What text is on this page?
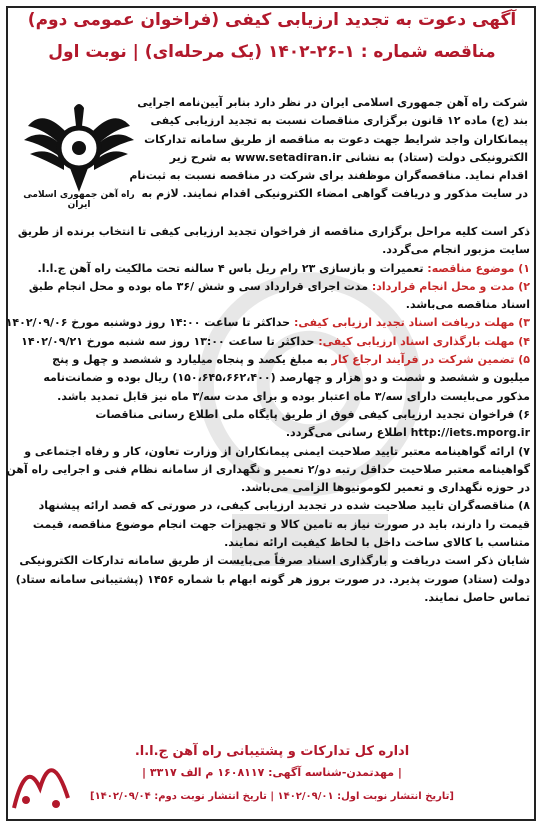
آگهی دعوت به تجدید ارزیابی کیفی (فراخوان عمومی دوم)
مناقصه شماره : ۱-۲۶-۱۴۰۲ (یک مرحله‌ای) | نوبت اول
راه آهن جمهوری اسلامی ایران
شرکت راه آهن جمهوری اسلامی ایران در نظر دارد بنابر آیین‌نامه اجرایی
بند (ج) ماده ۱۲ قانون برگزاری مناقصات نسبت به تجدید ارزیابی کیفی
پیمانکاران واجد شرایط جهت دعوت به مناقصه از طریق سامانه تدارکات
الکترونیکی دولت (ستاد) به نشانی www.setadiran.ir به شرح زیر
اقدام نماید. مناقصه‌گران موظفند برای شرکت در مناقصه نسبت به ثبت‌نام
در سایت مذکور و دریافت گواهی امضاء الکترونیکی اقدام نمایند. لازم به
ذکر است کلیه مراحل برگزاری مناقصه از فراخوان تجدید ارزیابی کیفی تا انتخاب برنده از طریق
سایت مزبور انجام می‌گردد.
۱) موضوع مناقصه: تعمیرات و بازسازی ۲۳ رام ریل باس ۴ سالنه تحت مالکیت راه آهن ج.ا.ا.
۲) مدت و محل انجام قرارداد: مدت اجرای قرارداد سی و شش /۳۶ ماه بوده و محل انجام طبق
اسناد مناقصه می‌باشد.
۳) مهلت دریافت اسناد تجدید ارزیابی کیفی: حداکثر تا ساعت ۱۴:۰۰ روز دوشنبه مورخ ۱۴۰۲/۰۹/۰۶
۴) مهلت بارگذاری اسناد ارزیابی کیفی: حداکثر تا ساعت ۱۳:۰۰ روز سه شنبه مورخ ۱۴۰۲/۰۹/۲۱
۵) تضمین شرکت در فرآیند ارجاع کار به مبلغ یکصد و پنجاه میلیارد و ششصد و چهل و پنج
میلیون و ششصد و شصت و دو هزار و چهارصد (۱۵۰،۶۴۵،۶۶۲،۴۰۰) ریال بوده و ضمانت‌نامه
مذکور می‌بایست دارای سه/۳ ماه اعتبار بوده و برای مدت سه/۳ ماه نیز قابل تمدید باشد.
۶) فراخوان تجدید ارزیابی کیفی فوق از طریق پایگاه ملی اطلاع رسانی مناقصات
http://iets.mporg.ir اطلاع رسانی می‌گردد.
۷) ارائه گواهینامه معتبر تایید صلاحیت ایمنی پیمانکاران از وزارت تعاون، کار و رفاه اجتماعی و
گواهینامه معتبر صلاحیت حداقل رتبه دو/۲ تعمیر و نگهداری از سامانه نظام فنی و اجرایی راه آهن
در حوزه نگهداری و تعمیر لکوموتیوها الزامی می‌باشد.
۸) مناقصه‌گران تایید صلاحیت شده در تجدید ارزیابی کیفی، در صورتی که قصد ارائه پیشنهاد
قیمت را دارند، باید در صورت نیاز به تامین کالا و تجهیزات جهت انجام موضوع مناقصه، قیمت
متناسب با کالای ساخت داخل با لحاظ کیفیت ارائه نمایند.
شایان ذکر است دریافت و بارگذاری اسناد صرفاً می‌بایست از طریق سامانه تدارکات الکترونیکی
دولت (ستاد) صورت پذیرد. در صورت بروز هر گونه ابهام با شماره ۱۴۵۶ (پشتیبانی سامانه ستاد)
تماس حاصل نمایند.
اداره کل تدارکات و پشتیبانی راه آهن ج.ا.ا.
| مهدتمدن-شناسه آگهی: ۱۶۰۸۱۱۷ م الف ۳۳۱۷ |
[تاریخ انتشار نوبت اول: ۱۴۰۲/۰۹/۰۱ | تاریخ انتشار نوبت دوم: ۱۴۰۲/۰۹/۰۴]
